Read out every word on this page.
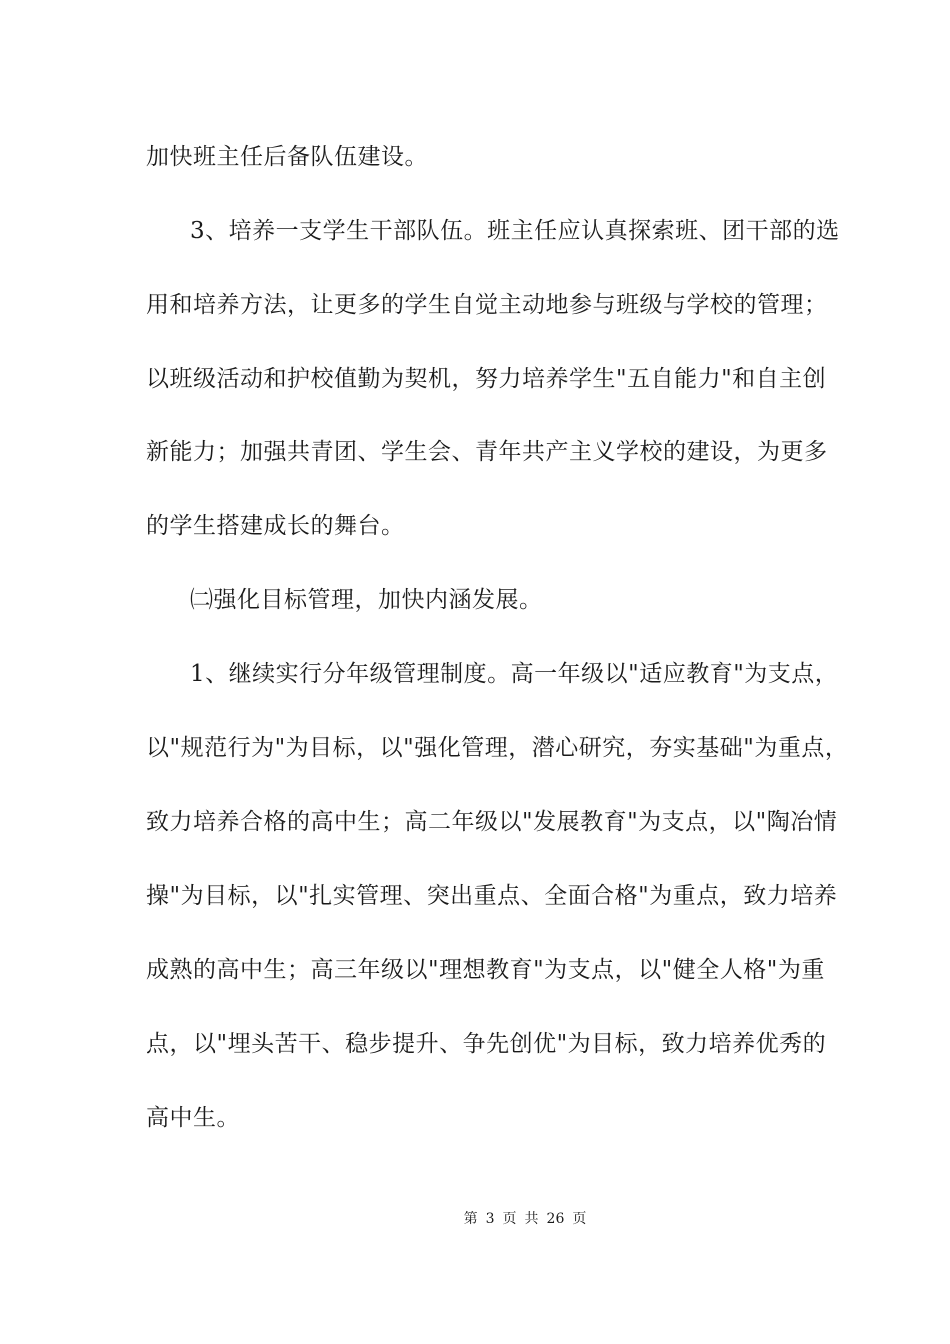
加快班主任后备队伍建设。
3、培养一支学生干部队伍。班主任应认真探索班、团干部的选
用和培养方法，让更多的学生自觉主动地参与班级与学校的管理；
以班级活动和护校值勤为契机，努力培养学生"五自能力"和自主创
新能力；加强共青团、学生会、青年共产主义学校的建设，为更多
的学生搭建成长的舞台。
㈡强化目标管理，加快内涵发展。
1、继续实行分年级管理制度。高一年级以"适应教育"为支点，
以"规范行为"为目标，以"强化管理，潜心研究，夯实基础"为重点，
致力培养合格的高中生；高二年级以"发展教育"为支点，以"陶冶情
操"为目标，以"扎实管理、突出重点、全面合格"为重点，致力培养
成熟的高中生；高三年级以"理想教育"为支点，以"健全人格"为重
点，以"埋头苦干、稳步提升、争先创优"为目标，致力培养优秀的
高中生。
第 3 页 共 26 页
